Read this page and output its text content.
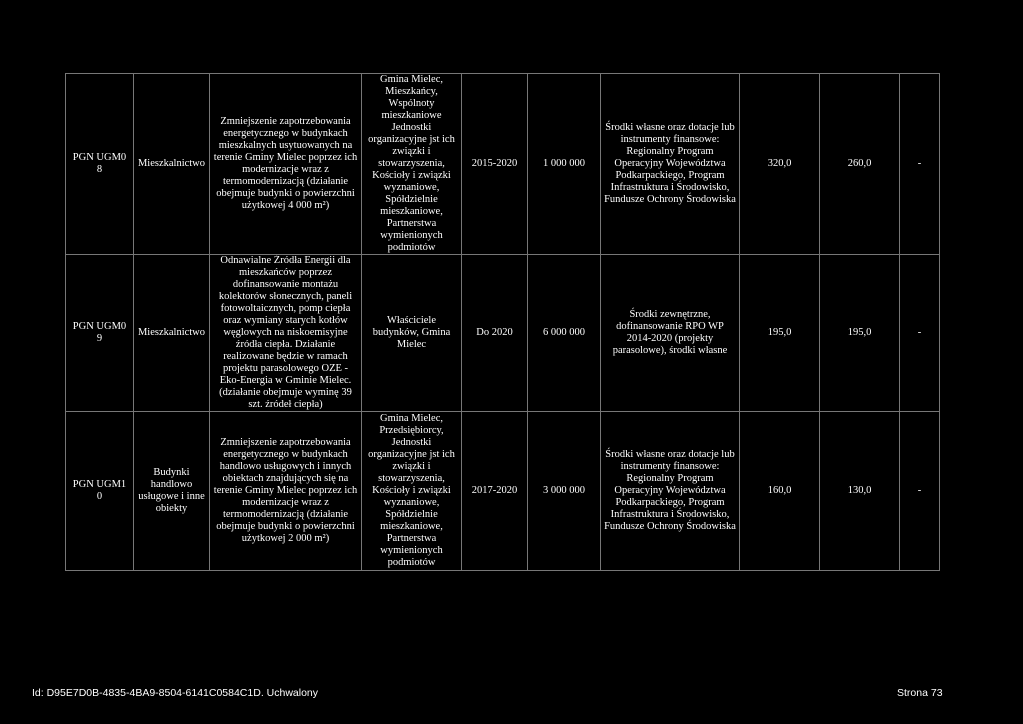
PGN UGM0 8	Mieszkalnictwo	Zmniejszenie zapotrzebowania energetycznego w budynkach mieszkalnych usytuowanych na terenie Gminy Mielec poprzez ich modernizacje wraz z termomodernizacją (działanie obejmuje budynki o powierzchni użytkowej 4 000 m²)	Gmina Mielec, Mieszkańcy, Wspólnoty mieszkaniowe Jednostki organizacyjne jst ich związki i stowarzyszenia, Kościoły i związki wyznaniowe, Spółdzielnie mieszkaniowe, Partnerstwa wymienionych podmiotów	2015-2020	1 000 000	Środki własne oraz dotacje lub instrumenty finansowe: Regionalny Program Operacyjny Województwa Podkarpackiego, Program Infrastruktura i Środowisko, Fundusze Ochrony Środowiska	320,0	260,0	-
PGN UGM0 9	Mieszkalnictwo	Odnawialne Źródła Energii dla mieszkańców poprzez dofinansowanie montażu kolektorów słonecznych, paneli fotowoltaicznych, pomp ciepła oraz wymiany starych kotłów węglowych na niskoemisyjne źródła ciepła. Działanie realizowane będzie w ramach projektu parasolowego OZE - Eko-Energia w Gminie Mielec. (działanie obejmuje wyminę 39 szt. źródeł ciepła)	Właściciele budynków, Gmina Mielec	Do 2020	6 000 000	Środki zewnętrzne, dofinansowanie RPO WP 2014-2020 (projekty parasolowe), środki własne	195,0	195,0	-
PGN UGM1 0	Budynki handlowo usługowe i inne obiekty	Zmniejszenie zapotrzebowania energetycznego w budynkach handlowo usługowych i innych obiektach znajdujących się na terenie Gminy Mielec poprzez ich modernizacje wraz z termomodernizacją (działanie obejmuje budynki o powierzchni użytkowej 2 000 m²)	Gmina Mielec, Przedsiębiorcy, Jednostki organizacyjne jst ich związki i stowarzyszenia, Kościoły i związki wyznaniowe, Spółdzielnie mieszkaniowe, Partnerstwa wymienionych podmiotów	2017-2020	3 000 000	Środki własne oraz dotacje lub instrumenty finansowe: Regionalny Program Operacyjny Województwa Podkarpackiego, Program Infrastruktura i Środowisko, Fundusze Ochrony Środowiska	160,0	130,0	-
Id: D95E7D0B-4835-4BA9-8504-6141C0584C1D. Uchwalony	Strona 73
